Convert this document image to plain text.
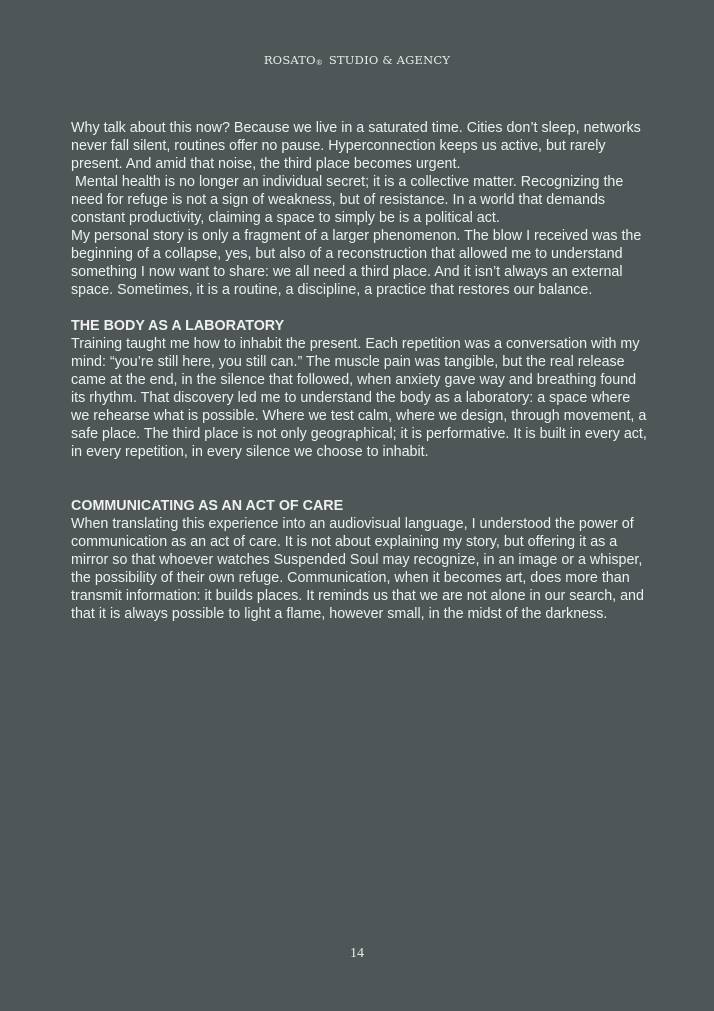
ROSATO® STUDIO & AGENCY

Why talk about this now? Because we live in a saturated time. Cities don’t sleep, networks never fall silent, routines offer no pause. Hyperconnection keeps us active, but rarely present. And amid that noise, the third place becomes urgent.

Mental health is no longer an individual secret; it is a collective matter. Recognizing the need for refuge is not a sign of weakness, but of resistance. In a world that demands constant productivity, claiming a space to simply be is a political act.

My personal story is only a fragment of a larger phenomenon. The blow I received was the beginning of a collapse, yes, but also of a reconstruction that allowed me to understand something I now want to share: we all need a third place. And it isn’t always an external space. Sometimes, it is a routine, a discipline, a practice that restores our balance.

THE BODY AS A LABORATORY

Training taught me how to inhabit the present. Each repetition was a conversation with my mind: “you’re still here, you still can.” The muscle pain was tangible, but the real release came at the end, in the silence that followed, when anxiety gave way and breathing found its rhythm. That discovery led me to understand the body as a laboratory: a space where we rehearse what is possible. Where we test calm, where we design, through movement, a safe place. The third place is not only geographical; it is performative. It is built in every act, in every repetition, in every silence we choose to inhabit.

COMMUNICATING AS AN ACT OF CARE

When translating this experience into an audiovisual language, I understood the power of communication as an act of care. It is not about explaining my story, but offering it as a mirror so that whoever watches Suspended Soul may recognize, in an image or a whisper, the possibility of their own refuge. Communication, when it becomes art, does more than transmit information: it builds places. It reminds us that we are not alone in our search, and that it is always possible to light a flame, however small, in the midst of the darkness.

14
